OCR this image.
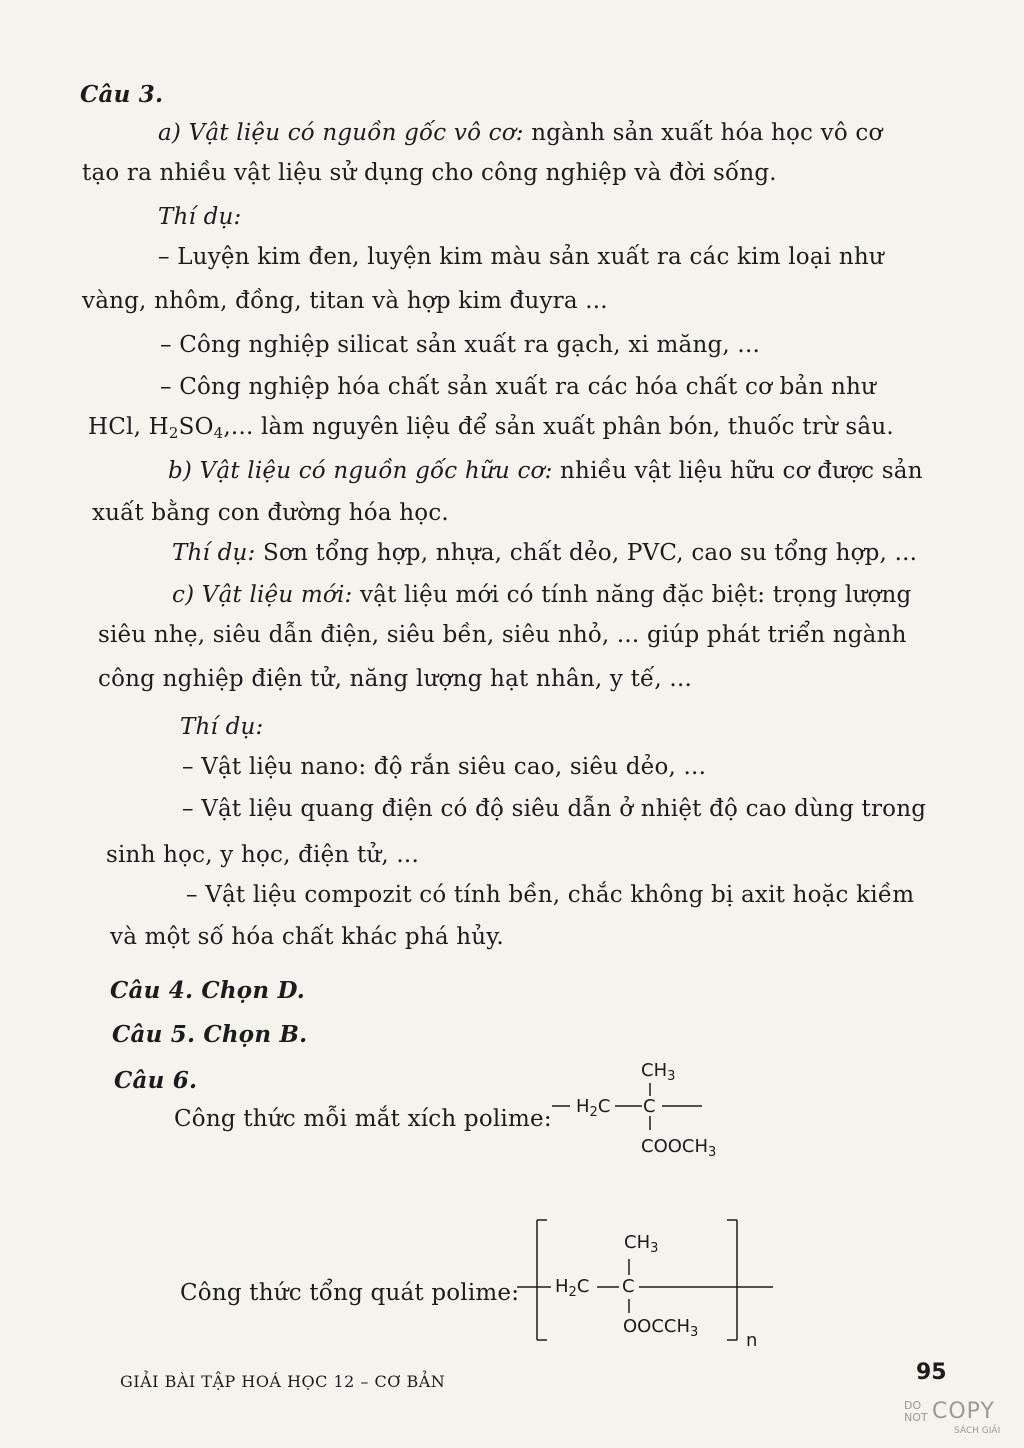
Câu 3.
a) Vật liệu có nguồn gốc vô cơ: ngành sản xuất hóa học vô cơ
tạo ra nhiều vật liệu sử dụng cho công nghiệp và đời sống.
Thí dụ:
– Luyện kim đen, luyện kim màu sản xuất ra các kim loại như
vàng, nhôm, đồng, titan và hợp kim đuyra ...
– Công nghiệp silicat sản xuất ra gạch, xi măng, ...
– Công nghiệp hóa chất sản xuất ra các hóa chất cơ bản như
HCl, $H_2SO_4$,... làm nguyên liệu để sản xuất phân bón, thuốc trừ sâu.
b) Vật liệu có nguồn gốc hữu cơ: nhiều vật liệu hữu cơ được sản
xuất bằng con đường hóa học.
Thí dụ: Sơn tổng hợp, nhựa, chất dẻo, PVC, cao su tổng hợp, ...
c) Vật liệu mới: vật liệu mới có tính năng đặc biệt: trọng lượng
siêu nhẹ, siêu dẫn điện, siêu bền, siêu nhỏ, ... giúp phát triển ngành
công nghiệp điện tử, năng lượng hạt nhân, y tế, ...
Thí dụ:
– Vật liệu nano: độ rắn siêu cao, siêu dẻo, ...
– Vật liệu quang điện có độ siêu dẫn ở nhiệt độ cao dùng trong
sinh học, y học, điện tử, ...
– Vật liệu compozit có tính bền, chắc không bị axit hoặc kiềm
và một số hóa chất khác phá hủy.
Câu 4. Chọn D.
Câu 5. Chọn B.
Câu 6.
Công thức mỗi mắt xích polime:
$CH_3$
$H_2C$ C
$COOCH_3$
Công thức tổng quát polime:
$CH_3$
$H_2C$ C
$OOCCH_3$	n
GIẢI BÀI TẬP HOÁ HỌC 12 – CƠ BẢN	95
DO
NOT COPY
SÁCH GIẢI
